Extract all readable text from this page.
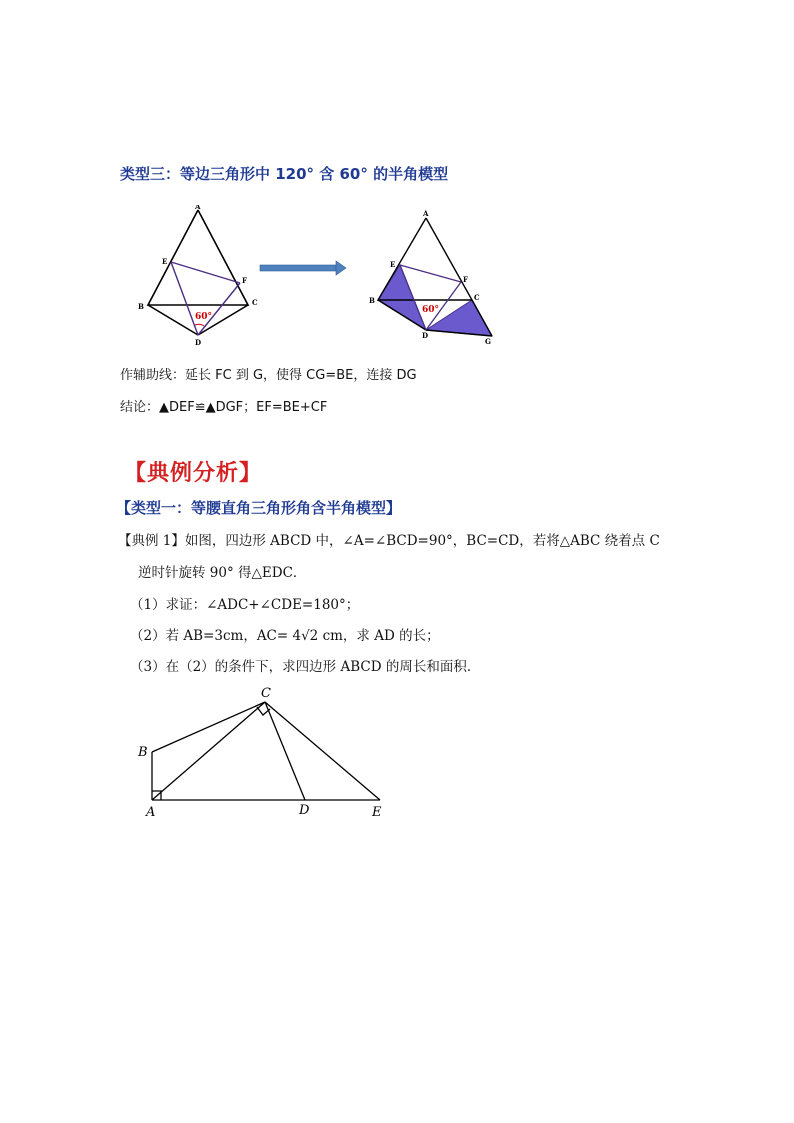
类型三：等边三角形中 120° 含 60° 的半角模型
A
E
F
B	C
D
60°
A
E
F
B	C
D
G
60°
作辅助线：延长 FC 到 G，使得 CG=BE，连接 DG
结论：▲DEF≌▲DGF；EF=BE+CF
【典例分析】
【类型一：等腰直角三角形角含半角模型】
【典例 1】如图，四边形 ABCD 中，∠A=∠BCD=90°，BC=CD，若将△ABC 绕着点 C
逆时针旋转 90° 得△EDC．
（1）求证：∠ADC+∠CDE=180°；
（2）若 AB=3cm，AC= 4√2 cm，求 AD 的长；
（3）在（2）的条件下，求四边形 ABCD 的周长和面积．
C
B
A	D	E
